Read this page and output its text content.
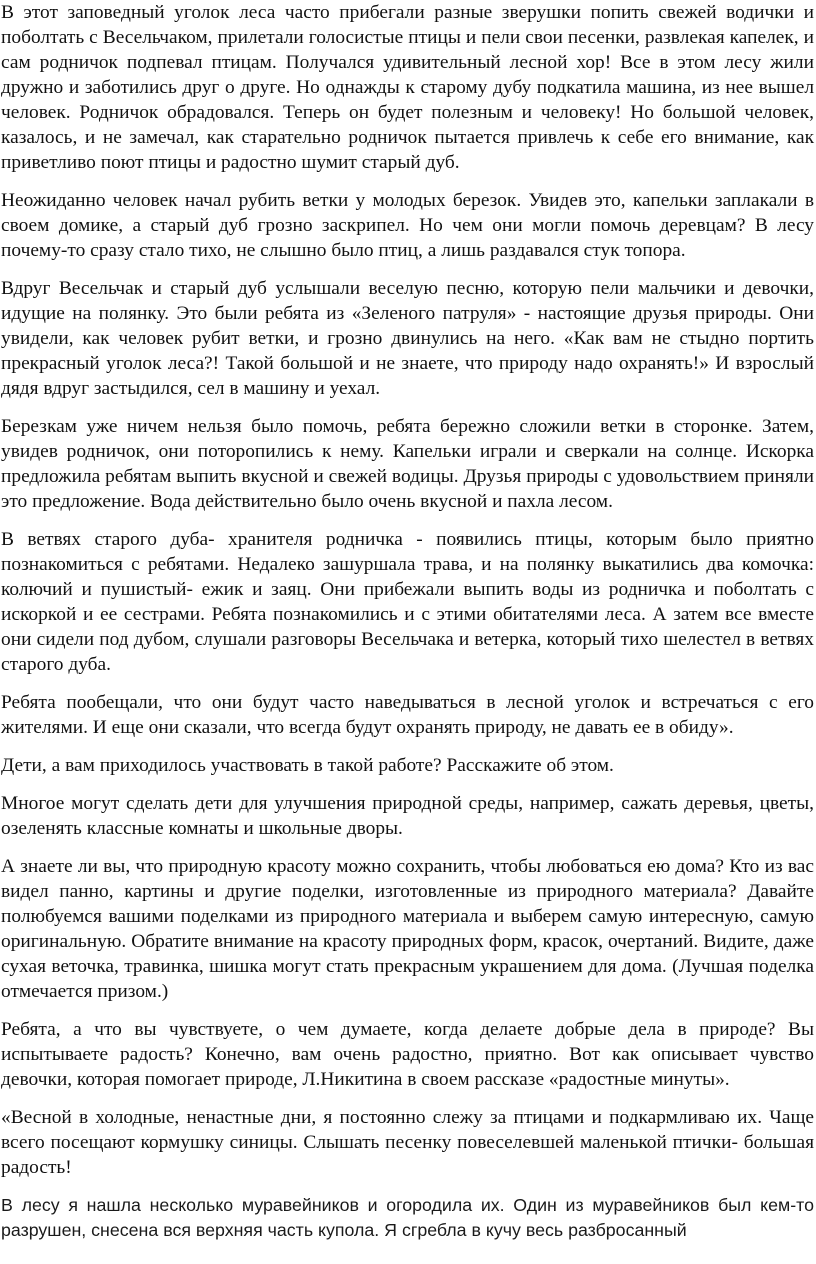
В этот заповедный уголок леса часто прибегали разные зверушки попить свежей водички и поболтать с Весельчаком, прилетали голосистые птицы и пели свои песенки, развлекая капелек, и сам родничок подпевал птицам. Получался удивительный лесной хор! Все в этом лесу жили дружно и заботились друг о друге. Но однажды к старому дубу подкатила машина, из нее вышел человек. Родничок обрадовался. Теперь он будет полезным и человеку! Но большой человек, казалось, и не замечал, как старательно родничок пытается привлечь к себе его внимание, как приветливо поют птицы и радостно шумит старый дуб.

Неожиданно человек начал рубить ветки у молодых березок. Увидев это, капельки заплакали в своем домике, а старый дуб грозно заскрипел. Но чем они могли помочь деревцам? В лесу почему-то сразу стало тихо, не слышно было птиц, а лишь раздавался стук топора.

Вдруг Весельчак и старый дуб услышали веселую песню, которую пели мальчики и девочки, идущие на полянку. Это были ребята из «Зеленого патруля» - настоящие друзья природы. Они увидели, как человек рубит ветки, и грозно двинулись на него. «Как вам не стыдно портить прекрасный уголок леса?! Такой большой и не знаете, что природу надо охранять!» И взрослый дядя вдруг застыдился, сел в машину и уехал.

Березкам уже ничем нельзя было помочь, ребята бережно сложили ветки в сторонке. Затем, увидев родничок, они поторопились к нему. Капельки играли и сверкали на солнце. Искорка предложила ребятам выпить вкусной и свежей водицы. Друзья природы с удовольствием приняли это предложение. Вода действительно было очень вкусной и пахла лесом.

В ветвях старого дуба- хранителя родничка - появились птицы, которым было приятно познакомиться с ребятами. Недалеко зашуршала трава, и на полянку выкатились два комочка: колючий и пушистый- ежик и заяц. Они прибежали выпить воды из родничка и поболтать с искоркой и ее сестрами. Ребята познакомились и с этими обитателями леса. А затем все вместе они сидели под дубом, слушали разговоры Весельчака и ветерка, который тихо шелестел в ветвях старого дуба.

Ребята пообещали, что они будут часто наведываться в лесной уголок и встречаться с его жителями. И еще они сказали, что всегда будут охранять природу, не давать ее в обиду».

Дети, а вам приходилось участвовать в такой работе? Расскажите об этом.

Многое могут сделать дети для улучшения природной среды, например, сажать деревья, цветы, озеленять классные комнаты и школьные дворы.

А знаете ли вы, что природную красоту можно сохранить, чтобы любоваться ею дома? Кто из вас видел панно, картины и другие поделки, изготовленные из природного материала? Давайте полюбуемся вашими поделками из природного материала и выберем самую интересную, самую оригинальную. Обратите внимание на красоту природных форм, красок, очертаний. Видите, даже сухая веточка, травинка, шишка могут стать прекрасным украшением для дома. (Лучшая поделка отмечается призом.)

Ребята, а что вы чувствуете, о чем думаете, когда делаете добрые дела в природе? Вы испытываете радость? Конечно, вам очень радостно, приятно. Вот как описывает чувство девочки, которая помогает природе, Л.Никитина в своем рассказе «радостные минуты».

«Весной в холодные, ненастные дни, я постоянно слежу за птицами и подкармливаю их. Чаще всего посещают кормушку синицы. Слышать песенку повеселевшей маленькой птички- большая радость!

В лесу я нашла несколько муравейников и огородила их. Один из муравейников был кем-то разрушен, снесена вся верхняя часть купола. Я сгребла в кучу весь разбросанный
